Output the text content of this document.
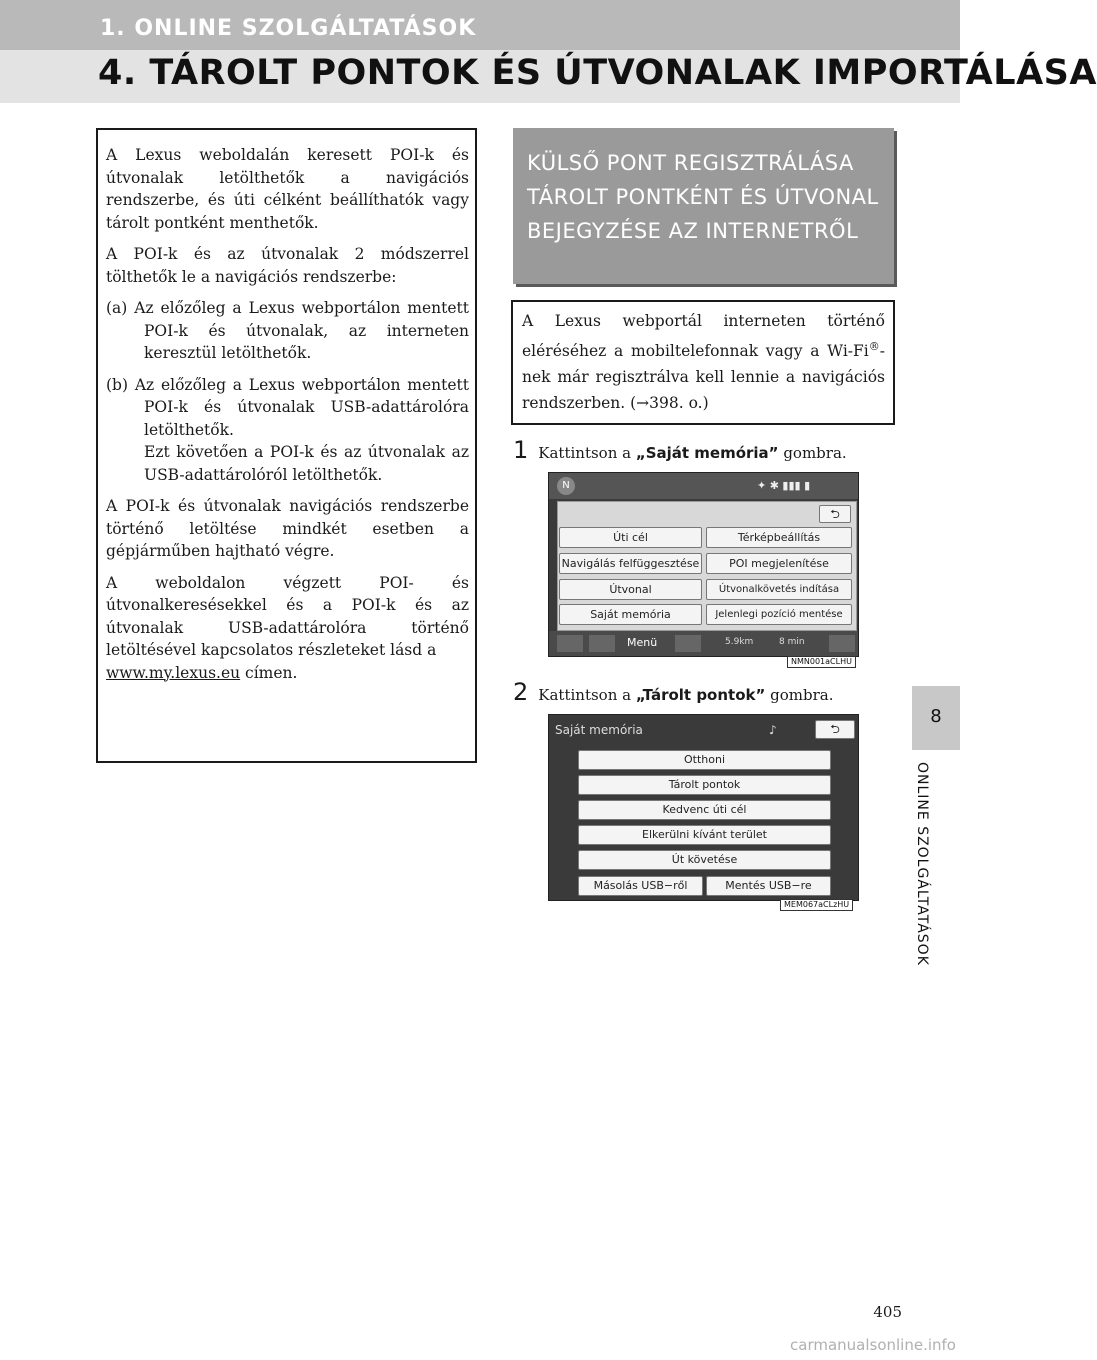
1. ONLINE SZOLGÁLTATÁSOK
4. TÁROLT PONTOK ÉS ÚTVONALAK IMPORTÁLÁSA

A Lexus weboldalán keresett POI-k és útvonalak letölthetők a navigációs rendszerbe, és úti célként beállíthatók vagy tárolt pontként menthetők.

A POI-k és az útvonalak 2 módszerrel tölthetők le a navigációs rendszerbe:

(a) Az előzőleg a Lexus webportálon mentett POI-k és útvonalak, az interneten keresztül letölthetők.
(b) Az előzőleg a Lexus webportálon mentett POI-k és útvonalak USB-adattárolóra letölthetők.
Ezt követően a POI-k és az útvonalak az USB-adattárolóról letölthetők.

A POI-k és útvonalak navigációs rendszerbe történő letöltése mindkét esetben a gépjárműben hajtható végre.

A weboldalon végzett POI- és útvonalkeresésekkel és a POI-k és az útvonalak USB-adattárolóra történő letöltésével kapcsolatos részleteket lásd a
www.my.lexus.eu címen.

KÜLSŐ PONT REGISZTRÁLÁSA TÁROLT PONTKÉNT ÉS ÚTVONAL BEJEGYZÉSE AZ INTERNETRŐL
A Lexus webportál interneten történő eléréséhez a mobiltelefonnak vagy a Wi-Fi®-nek már regisztrálva kell lennie a navigációs rendszerben. (→398. o.)
1 Kattintson a „Saját memória” gombra.
N	✦ ✱ ▮▮▮ ▮
⮌
Úti cél	Térképbeállítás
Navigálás felfüggesztése	POI megjelenítése
Útvonal	Útvonalkövetés indítása
Saját memória	Jelenlegi pozíció mentése
Menü	5.9km	8 min
NMN001aCLHU
2 Kattintson a „Tárolt pontok” gombra.
Saját memória	♪	⮌
Otthoni
Tárolt pontok
Kedvenc úti cél
Elkerülni kívánt terület
Út követése
Másolás USB−ről	Mentés USB−re
MEM067aCLzHU
8
ONLINE SZOLGÁLTATÁSOK
405
carmanualsonline.info
